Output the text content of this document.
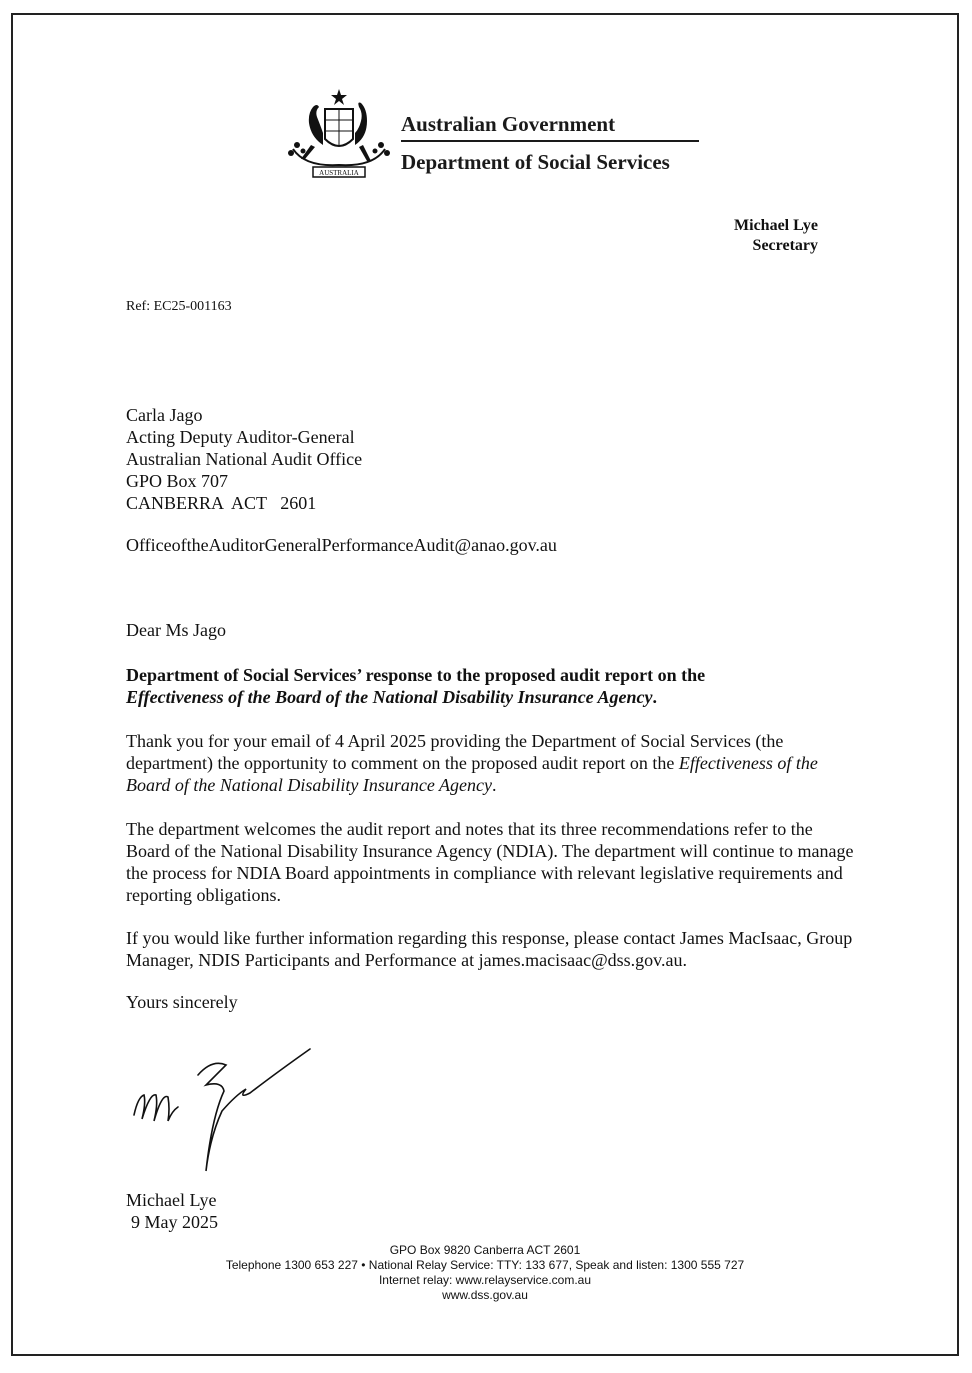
AUSTRALIA
Australian Government
Department of Social Services
Michael Lye
Secretary
Ref: EC25-001163
Carla Jago
Acting Deputy Auditor-General
Australian National Audit Office
GPO Box 707
CANBERRA  ACT   2601
OfficeoftheAuditorGeneralPerformanceAudit@anao.gov.au
Dear Ms Jago
Department of Social Services’ response to the proposed audit report on the
Effectiveness of the Board of the National Disability Insurance Agency.
Thank you for your email of 4 April 2025 providing the Department of Social Services (the department) the opportunity to comment on the proposed audit report on the Effectiveness of the Board of the National Disability Insurance Agency.
The department welcomes the audit report and notes that its three recommendations refer to the Board of the National Disability Insurance Agency (NDIA). The department will continue to manage the process for NDIA Board appointments in compliance with relevant legislative requirements and reporting obligations.
If you would like further information regarding this response, please contact James MacIsaac, Group Manager, NDIS Participants and Performance at james.macisaac@dss.gov.au.
Yours sincerely
Michael Lye
9 May 2025
GPO Box 9820 Canberra ACT 2601
Telephone 1300 653 227 • National Relay Service: TTY: 133 677, Speak and listen: 1300 555 727
Internet relay: www.relayservice.com.au
www.dss.gov.au
